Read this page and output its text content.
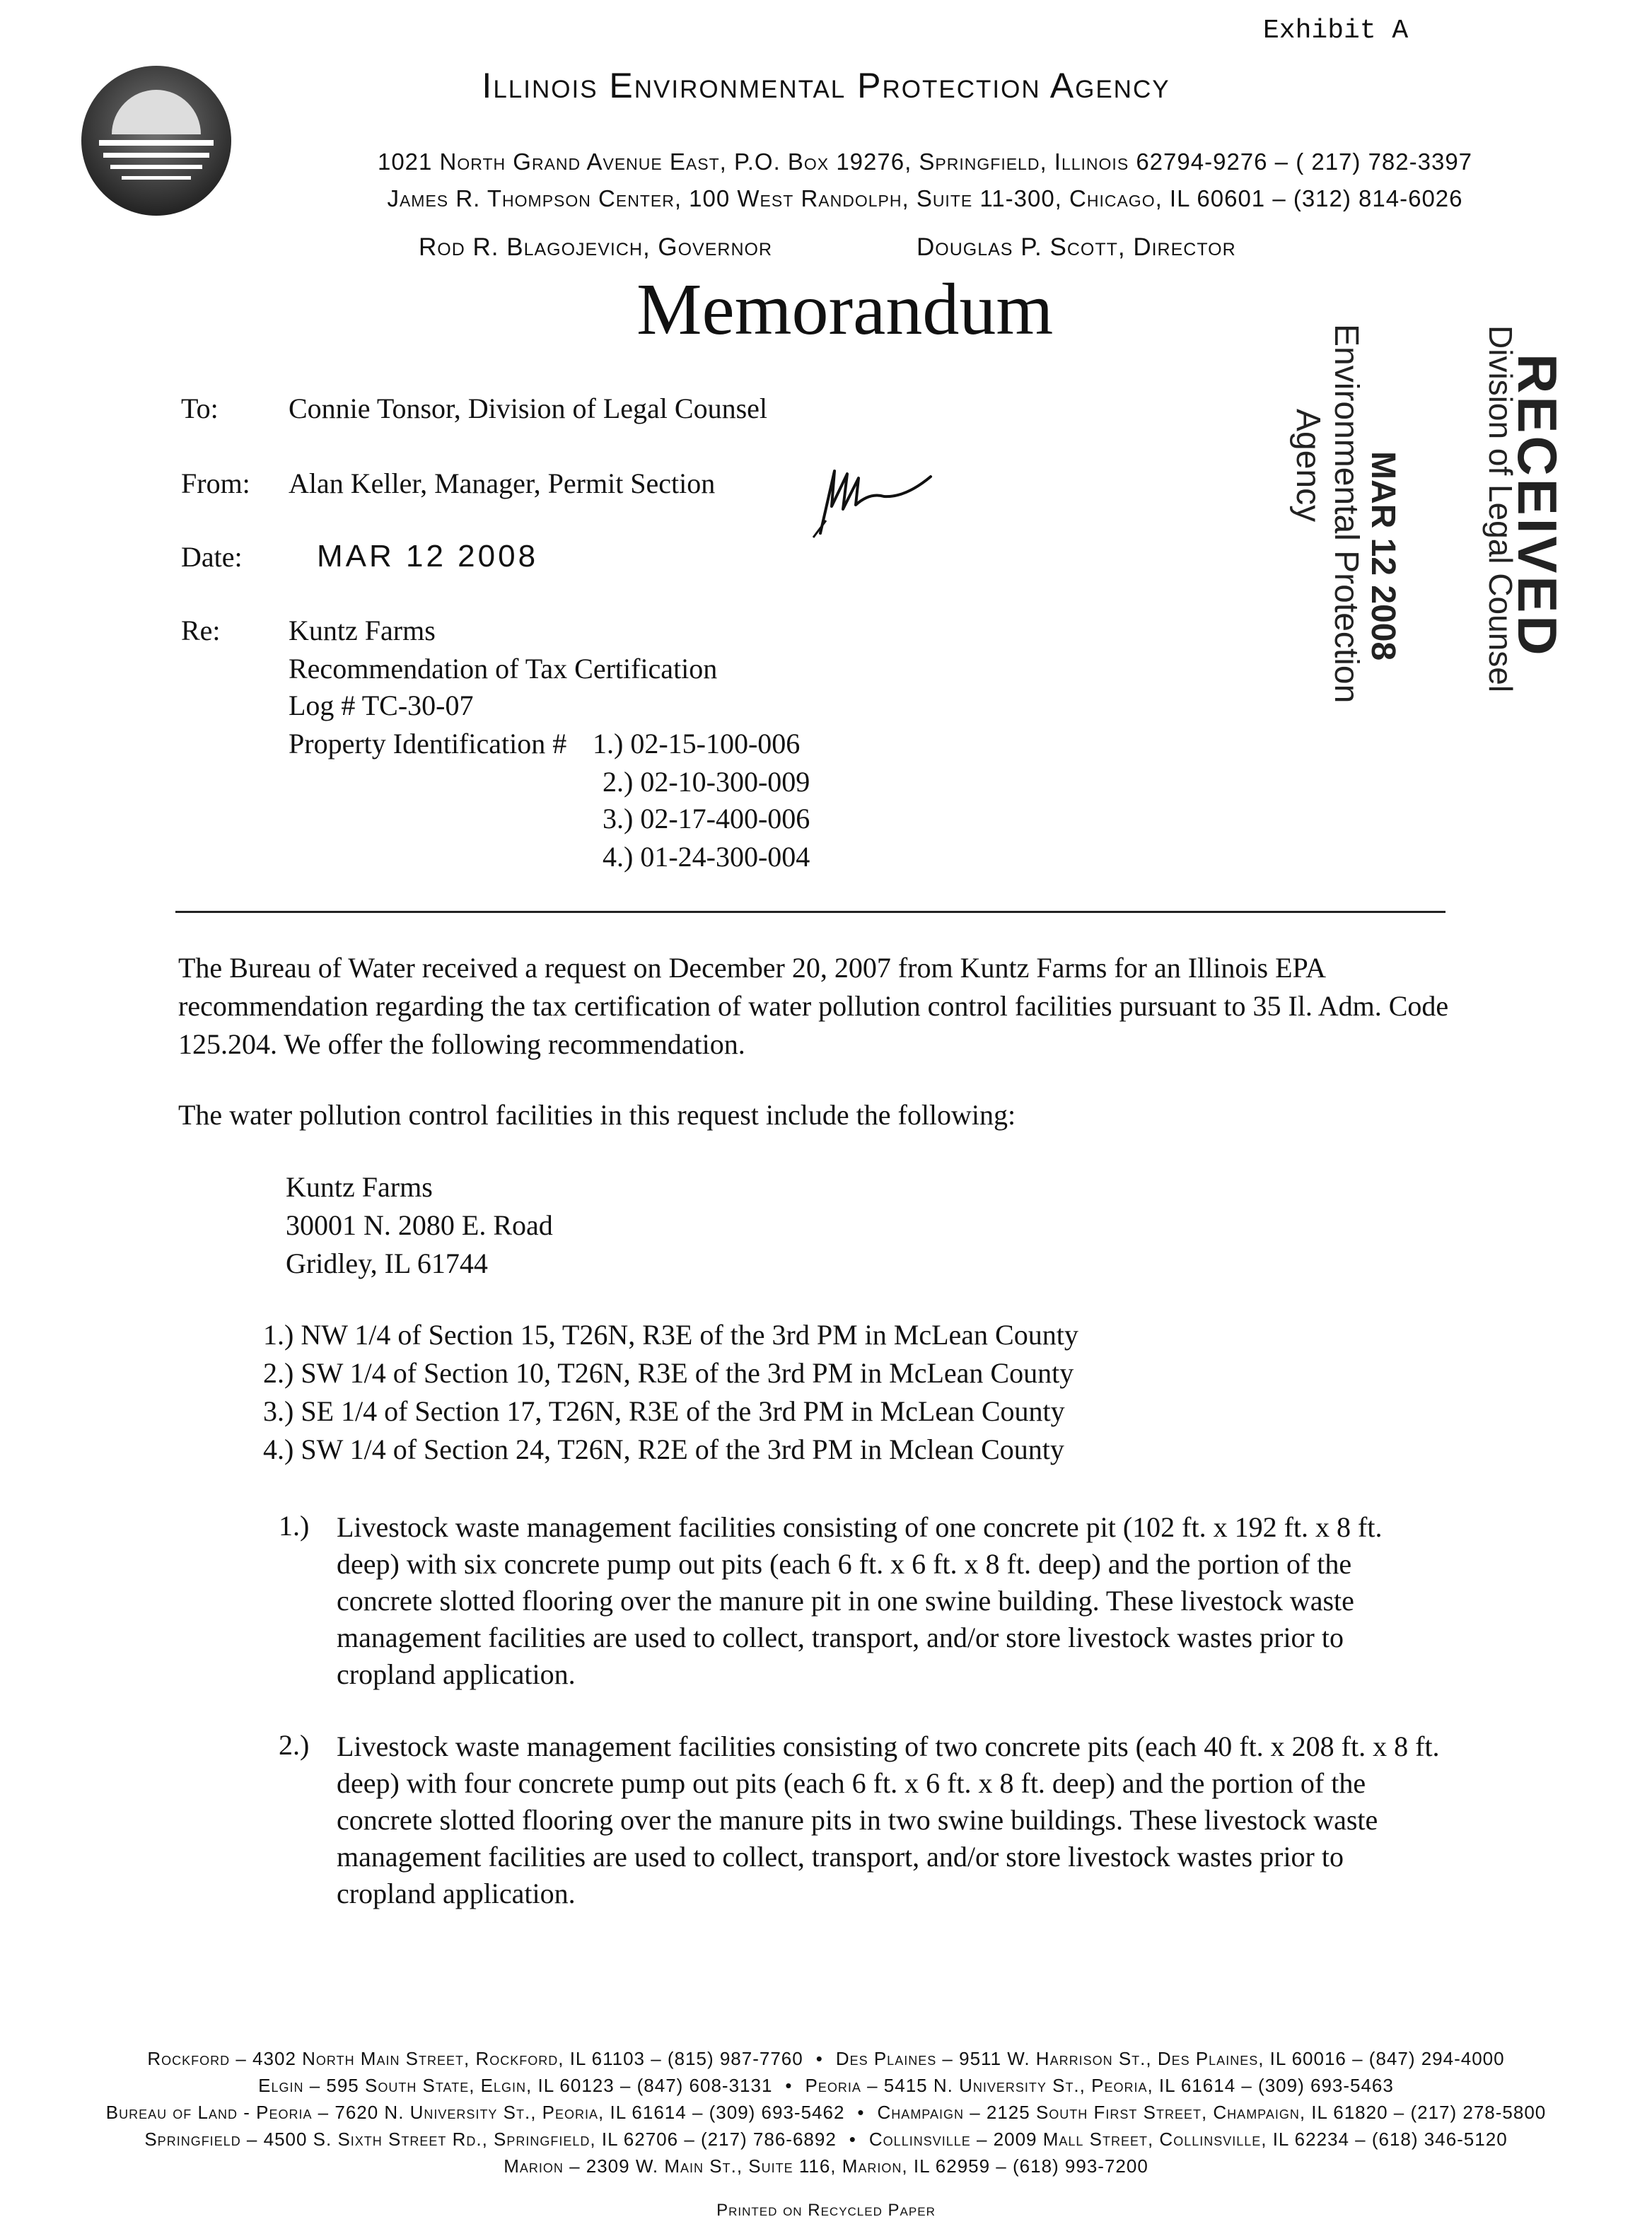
Exhibit A
Illinois Environmental Protection Agency
1021 North Grand Avenue East, P.O. Box 19276, Springfield, Illinois 62794-9276 – ( 217) 782-3397
James R. Thompson Center, 100 West Randolph, Suite 11-300, Chicago, IL 60601 – (312) 814-6026
Rod R. Blagojevich, Governor	Douglas P. Scott, Director
Memorandum
To: Connie Tonsor, Division of Legal Counsel
From: Alan Keller, Manager, Permit Section
Date: MAR 12 2008
Re: Kuntz Farms
Recommendation of Tax Certification
Log # TC-30-07
Property Identification # 1.) 02-15-100-006
2.) 02-10-300-009
3.) 02-17-400-006
4.) 01-24-300-004
Environmental Protection
Agency MAR 12 2008 RECEIVED
Division of Legal Counsel
The Bureau of Water received a request on December 20, 2007 from Kuntz Farms for an Illinois EPA recommendation regarding the tax certification of water pollution control facilities pursuant to 35 Il. Adm. Code 125.204. We offer the following recommendation.
The water pollution control facilities in this request include the following:
Kuntz Farms
30001 N. 2080 E. Road
Gridley, IL 61744
1.) NW 1/4 of Section 15, T26N, R3E of the 3rd PM in McLean County
2.) SW 1/4 of Section 10, T26N, R3E of the 3rd PM in McLean County
3.) SE 1/4 of Section 17, T26N, R3E of the 3rd PM in McLean County
4.) SW 1/4 of Section 24, T26N, R2E of the 3rd PM in Mclean County
1.) Livestock waste management facilities consisting of one concrete pit (102 ft. x 192 ft. x 8 ft. deep) with six concrete pump out pits (each 6 ft. x 6 ft. x 8 ft. deep) and the portion of the concrete slotted flooring over the manure pit in one swine building. These livestock waste management facilities are used to collect, transport, and/or store livestock wastes prior to cropland application.
2.) Livestock waste management facilities consisting of two concrete pits (each 40 ft. x 208 ft. x 8 ft. deep) with four concrete pump out pits (each 6 ft. x 6 ft. x 8 ft. deep) and the portion of the concrete slotted flooring over the manure pits in two swine buildings. These livestock waste management facilities are used to collect, transport, and/or store livestock wastes prior to cropland application.
Rockford – 4302 North Main Street, Rockford, IL 61103 – (815) 987-7760 • Des Plaines – 9511 W. Harrison St., Des Plaines, IL 60016 – (847) 294-4000
Elgin – 595 South State, Elgin, IL 60123 – (847) 608-3131 • Peoria – 5415 N. University St., Peoria, IL 61614 – (309) 693-5463
Bureau of Land - Peoria – 7620 N. University St., Peoria, IL 61614 – (309) 693-5462 • Champaign – 2125 South First Street, Champaign, IL 61820 – (217) 278-5800
Springfield – 4500 S. Sixth Street Rd., Springfield, IL 62706 – (217) 786-6892 • Collinsville – 2009 Mall Street, Collinsville, IL 62234 – (618) 346-5120
Marion – 2309 W. Main St., Suite 116, Marion, IL 62959 – (618) 993-7200
Printed on Recycled Paper
